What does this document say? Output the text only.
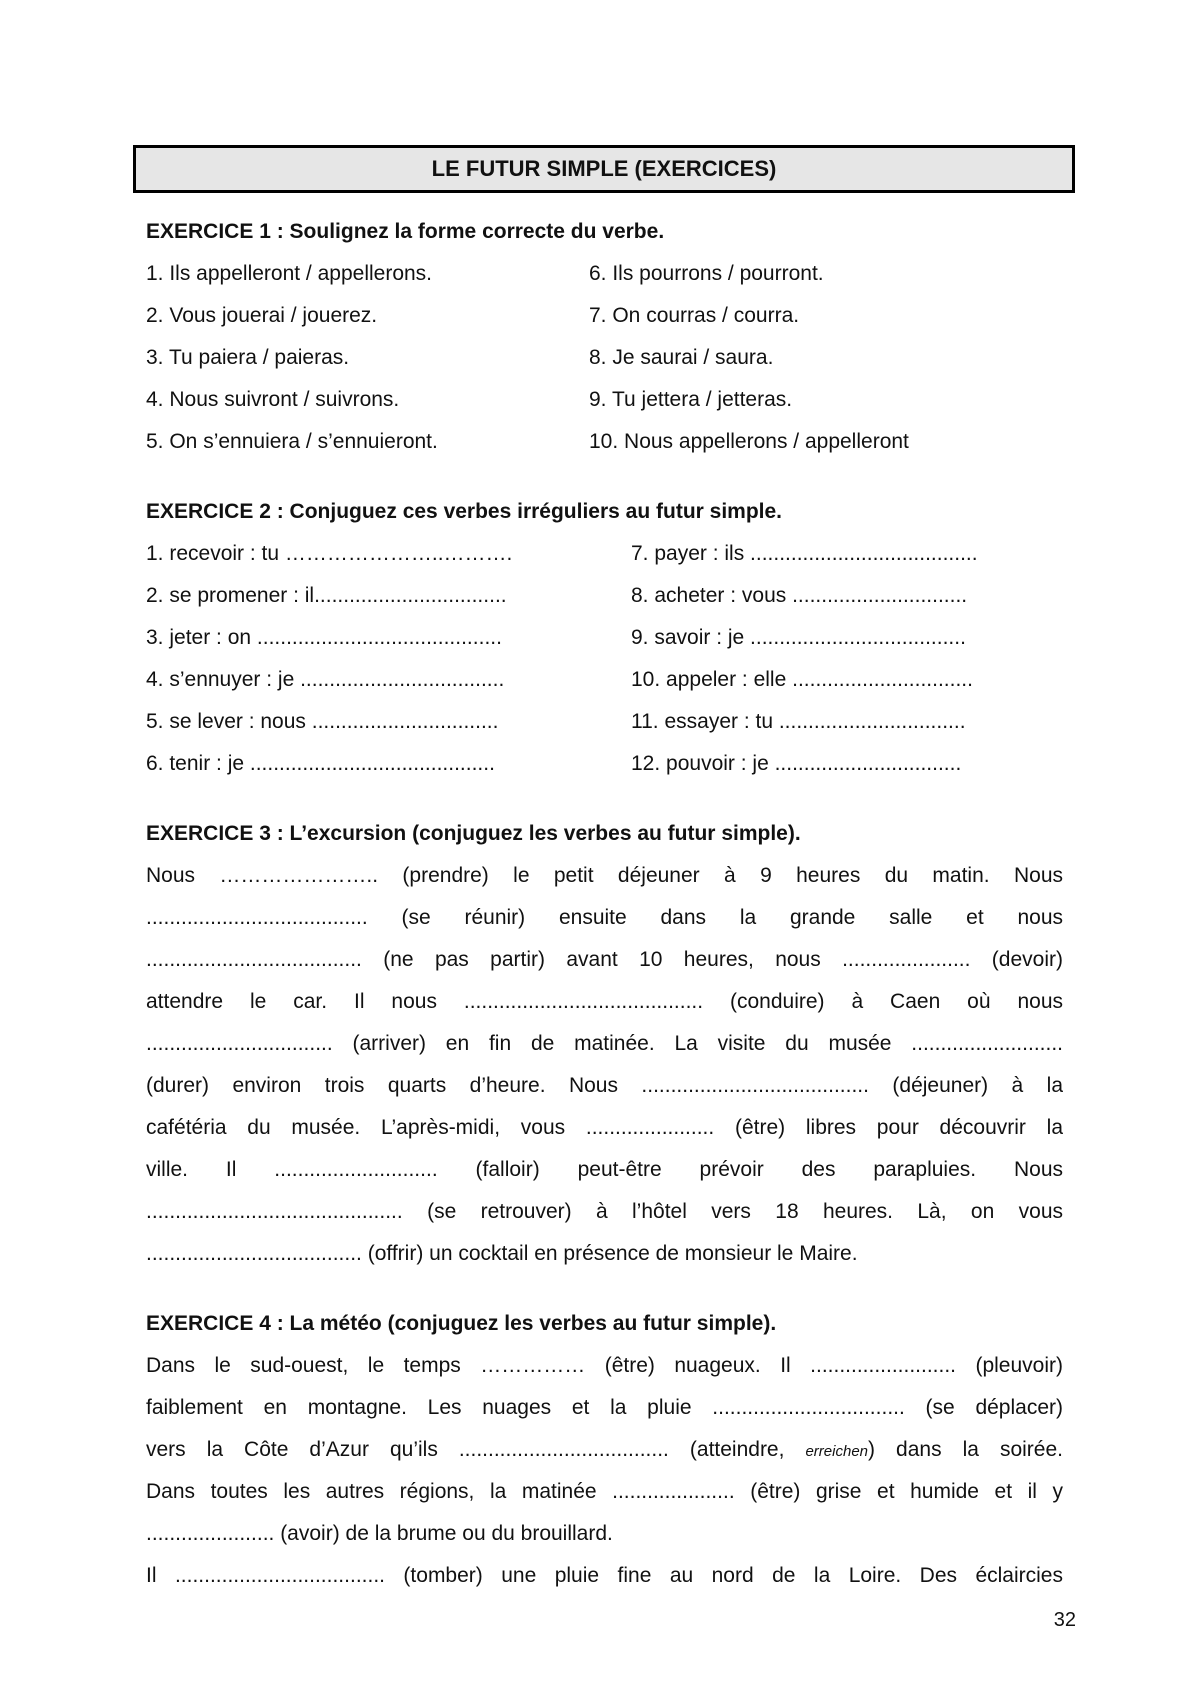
LE FUTUR SIMPLE (EXERCICES)
EXERCICE 1 : Soulignez la forme correcte du verbe.
1. Ils appelleront / appellerons.
2. Vous jouerai / jouerez.
3. Tu paiera / paieras.
4. Nous suivront / suivrons.
5. On s’ennuiera / s’ennuieront.
6. Ils pourrons / pourront.
7. On courras / courra.
8. Je saurai / saura.
9. Tu jettera / jetteras.
10. Nous appellerons / appelleront
EXERCICE 2 : Conjuguez ces verbes irréguliers au futur simple.
1. recevoir : tu …………………..……….
2. se promener : il.................................
3. jeter : on ..........................................
4. s’ennuyer : je ...................................
5. se lever : nous ................................
6. tenir : je ..........................................
7. payer : ils .......................................
8. acheter : vous ..............................
9. savoir : je .....................................
10. appeler : elle ...............................
11. essayer : tu ................................
12. pouvoir : je ................................
EXERCICE 3 : L’excursion (conjuguez les verbes au futur simple).
Nous ………………….. (prendre) le petit déjeuner à 9 heures du matin. Nous
...................................... (se réunir) ensuite dans la grande salle et nous
..................................... (ne pas partir) avant 10 heures, nous ...................... (devoir)
attendre le car. Il nous ......................................... (conduire) à Caen où nous
................................ (arriver) en fin de matinée. La visite du musée ..........................
(durer) environ trois quarts d’heure. Nous ....................................... (déjeuner) à la
cafétéria du musée. L’après-midi, vous ...................... (être) libres pour découvrir la
ville. Il ............................ (falloir) peut-être prévoir des parapluies. Nous
............................................ (se retrouver) à l’hôtel vers 18 heures. Là, on vous
..................................... (offrir) un cocktail en présence de monsieur le Maire.
EXERCICE 4 : La météo (conjuguez les verbes au futur simple).
Dans le sud-ouest, le temps …………… (être) nuageux. Il ......................... (pleuvoir)
faiblement en montagne. Les nuages et la pluie ................................. (se déplacer)
vers la Côte d’Azur qu’ils .................................... (atteindre, erreichen) dans la soirée.
Dans toutes les autres régions, la matinée ..................... (être) grise et humide et il y
...................... (avoir) de la brume ou du brouillard.
Il .................................... (tomber) une pluie fine au nord de la Loire. Des éclaircies
32
